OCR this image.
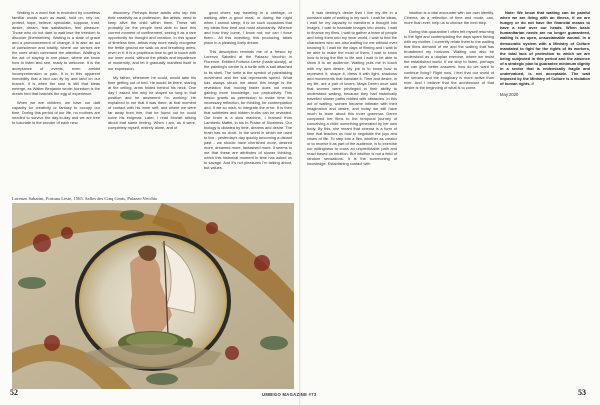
Waiting is a word that is encircled by countless familiar words such as await, hold on, rely on, protect, hope, believe, speculate, suppose, trust, desire, dream, fear satisfaction, feel pleasure. Those who do not dare to wait lose the freedom to discover (themselves). Waiting is a state of grace and a pronouncement of change. It is also an act of conscience and totality, where our senses are the ones which command the attention. Waiting is the act of staying in one place, where we know how to listen and see, ready to welcome. It is the acceptance of events, even amidst incomprehension or pain. It is in this apparent immobility that a bird can fly by and land on our branch. It is when the soul is still that ideas emerge, as Walter Benjamin wrote: boredom is the dream bird that hatches the egg of experience.

When we are children, we have our daft capacity for creativity or fantasy to occupy our time. During this period of our life, no routines are needed to survive the day-to-day and we are free to luxuriate in the wonder of each new

discovery. Perhaps those adults who tap into their creativity as a profession, like artists, need to keep alive the child within them. These will probably be the people best able to face this current moment of confinement, seeing it as a rare opportunity for thought and creation. In this space of timeless time, artists may more easily recognise the fertile ground we walk on and breathing anew, revel in it. It is a propitious time to get in touch with our inner world, without the pitfalls and impatience of modernity, and let it gradually manifest itself in our expression.

My father, whenever he could, would take his time getting out of bed. He would lie there, staring at the ceiling, arms folded behind his neck. One day I asked him why he stayed so long in that position and he answered: I'm working. He explained to me that it was there, at that moment of contact with his inner self, and where we were far away from him, that he found out he could solve his enigmas. Later, I read Mozart talking about that same feeling. When I am, as it were, completely myself, entirely alone, and of

good cheer; say traveling in a carriage, or walking after a good meal, or during the night when I cannot sleep; it is on such occasions that my ideas flow best and most abundantly. Whence and how they come, I know not; nor can I force them... All this inventing, this producing, takes place in a pleasing lively dream.

This description reminds me of a fresco by Lorenzo Sabatini at the Palazzo Vecchio in Florence. Entitled Fortuna Lente (haste slowly), at the painting's centre is a turtle with a sail attached to its shell. The turtle is the symbol of painstaking movement and the sail represents speed. What has always struck me about this image is the revelation that moving faster does not mean gaining more knowledge, nor productivity. This fresco grants us permission to make time for necessary reflection, for thinking, for contemplation and, if we so wish, to integrate the error. It is then that subtleties and hidden truths can be revealed. Our brain is a slow machine, I learned from Lamberto Maffei, in his In Praise of Slowness. Our biology is dictated by time, dreams and desire. The brain has no clock. In the world in which we used to live - yesterday's day quickly becoming a distant past - we should have cherished more, desired more, dreamed more, fantasised more. It seems to me that these are attributes of slower thinking, which this historical moment in time has asked us to savage. And it's not pleasures I'm talking about, but values.

Lorenzo Sabatini, Fortuna Leste, 1565. Salles des Cinq Cents, Palazzo Vecchio
52	UMBIGO MAGAZINE #73

It was destiny's desire that I live my life in a constant state of waiting in my work. I wait for ideas, I wait for my capacity to transform a thought into images, I wait to translate images into words, I wait to finance my films, I wait to gather a team of people and bring them into my inner world, I wait to find the characters who are also waiting for me without ever knowing it, I wait for the days of filming and I wait to be able to make the most of them, I wait to know how to bring the film to life and I wait to be able to show it to an audience. Waiting puts me in touch with my own desire. My job is to know how to represent it, shape it, dress it with light, shadows and movements that translate it. Time and desire, in my life, are a pair of lovers. Maya Deren once said that women were privileged in their ability to understand waiting, because they had historically travelled slower paths riddled with obstacles. In this act of waiting, women became intimate with their imagination and desire, and today we still have much to learn about this inner grammar. Deren compared her films to the temporal journey of conceiving a child: something generated by her own body. By this, she meant that cinema is a form of time that teaches us how to negotiate the joys and crises of life. To step into a film, whether as creator or to receive it as part of the audience, is to exercise our willingness to cross an unpredictable path and react based on intuition. But intuition is not a field of random sensations. It is the summoning of knowledge. Establishing contact with

intuition is a vital encounter with our own identity. Cinema, as a reflection of time and mode, can, more than ever, help us to choose the next step.

During this quarantine I often felt myself returning to the light and contemplating the days spent fishing with my mother. I currently relate them to the waiting that films demand of me and the waiting that has broadened my horizons. Waiting can also be understood as a utopian exercise, where we resist the established world. If we stop to listen, perhaps we can give better answers: how do we want to continue living? Right now, I feel that our world of the senses and the imaginary is more active than ever. And I believe that the architecture of that desire is the beginning of what is to come.

Note: We know that waiting can be painful when we are living with an illness, if we are hungry or do not have the financial means to have a roof over our heads. When basic humanitarian needs are no longer guaranteed, waiting is an open, unsustainable wound. In a democratic system with a Ministry of Culture mandated to fight for the rights of its workers, the total lack of protection to which we are being subjected in this period and the absence of a strategic plan to guarantee minimum dignity in a sector that is endemically fragile and undervalued, is not acceptable. The wait imposed by the Ministry of Culture is a violation of human rights. //

May 2020
53
